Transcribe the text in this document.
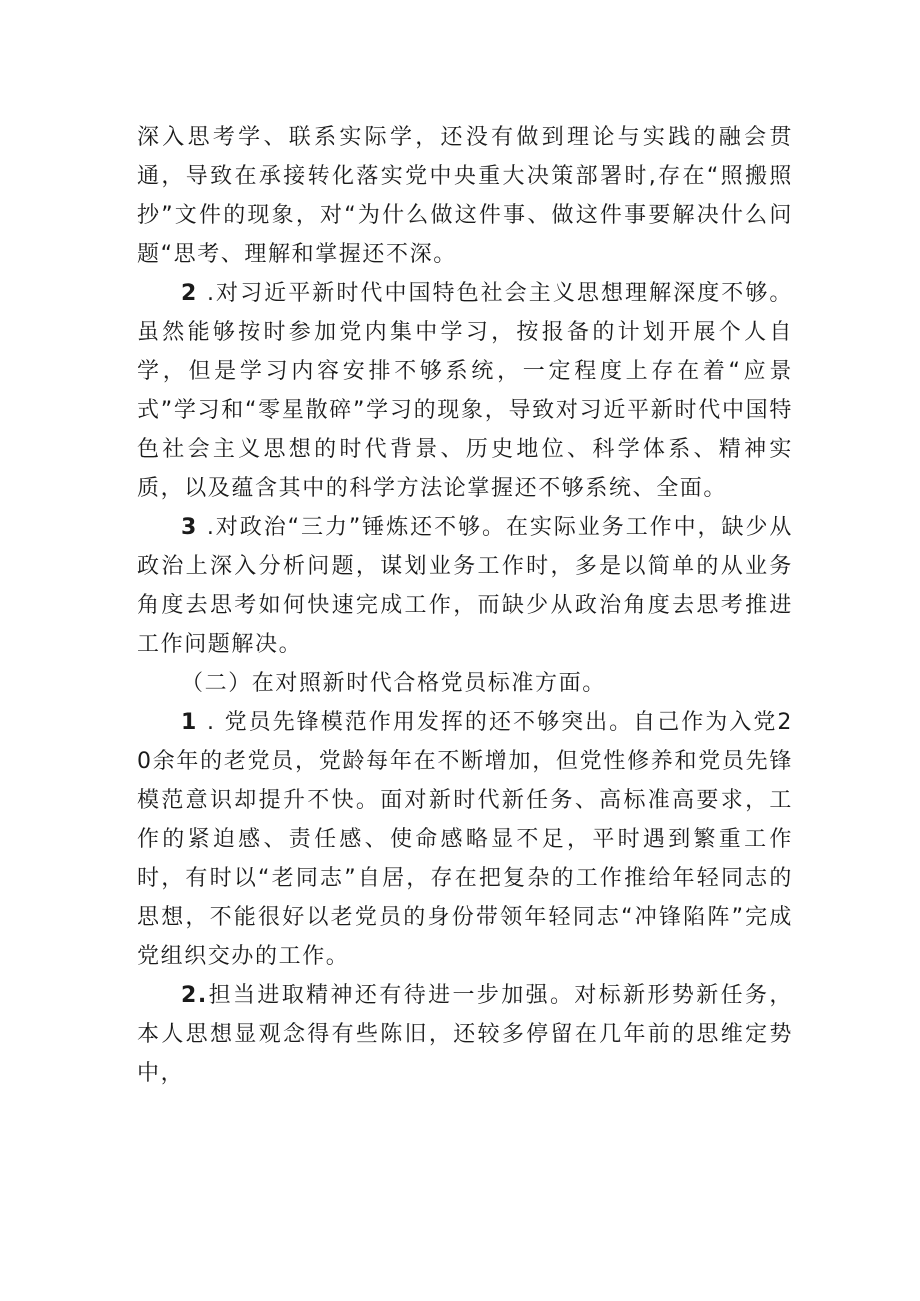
深入思考学、联系实际学，还没有做到理论与实践的融会贯通，导致在承接转化落实党中央重大决策部署时,存在“照搬照抄”文件的现象，对“为什么做这件事、做这件事要解决什么问题“思考、理解和掌握还不深。

2 .对习近平新时代中国特色社会主义思想理解深度不够。虽然能够按时参加党内集中学习，按报备的计划开展个人自学，但是学习内容安排不够系统，一定程度上存在着“应景式”学习和“零星散碎”学习的现象，导致对习近平新时代中国特色社会主义思想的时代背景、历史地位、科学体系、精神实质，以及蕴含其中的科学方法论掌握还不够系统、全面。

3 .对政治“三力”锤炼还不够。在实际业务工作中，缺少从政治上深入分析问题，谋划业务工作时，多是以简单的从业务角度去思考如何快速完成工作，而缺少从政治角度去思考推进工作问题解决。

（二）在对照新时代合格党员标准方面。

1 . 党员先锋模范作用发挥的还不够突出。自己作为入党20余年的老党员，党龄每年在不断增加，但党性修养和党员先锋模范意识却提升不快。面对新时代新任务、高标准高要求，工作的紧迫感、责任感、使命感略显不足，平时遇到繁重工作时，有时以“老同志”自居，存在把复杂的工作推给年轻同志的思想，不能很好以老党员的身份带领年轻同志“冲锋陷阵”完成党组织交办的工作。

2.担当进取精神还有待进一步加强。对标新形势新任务，本人思想显观念得有些陈旧，还较多停留在几年前的思维定势中，
